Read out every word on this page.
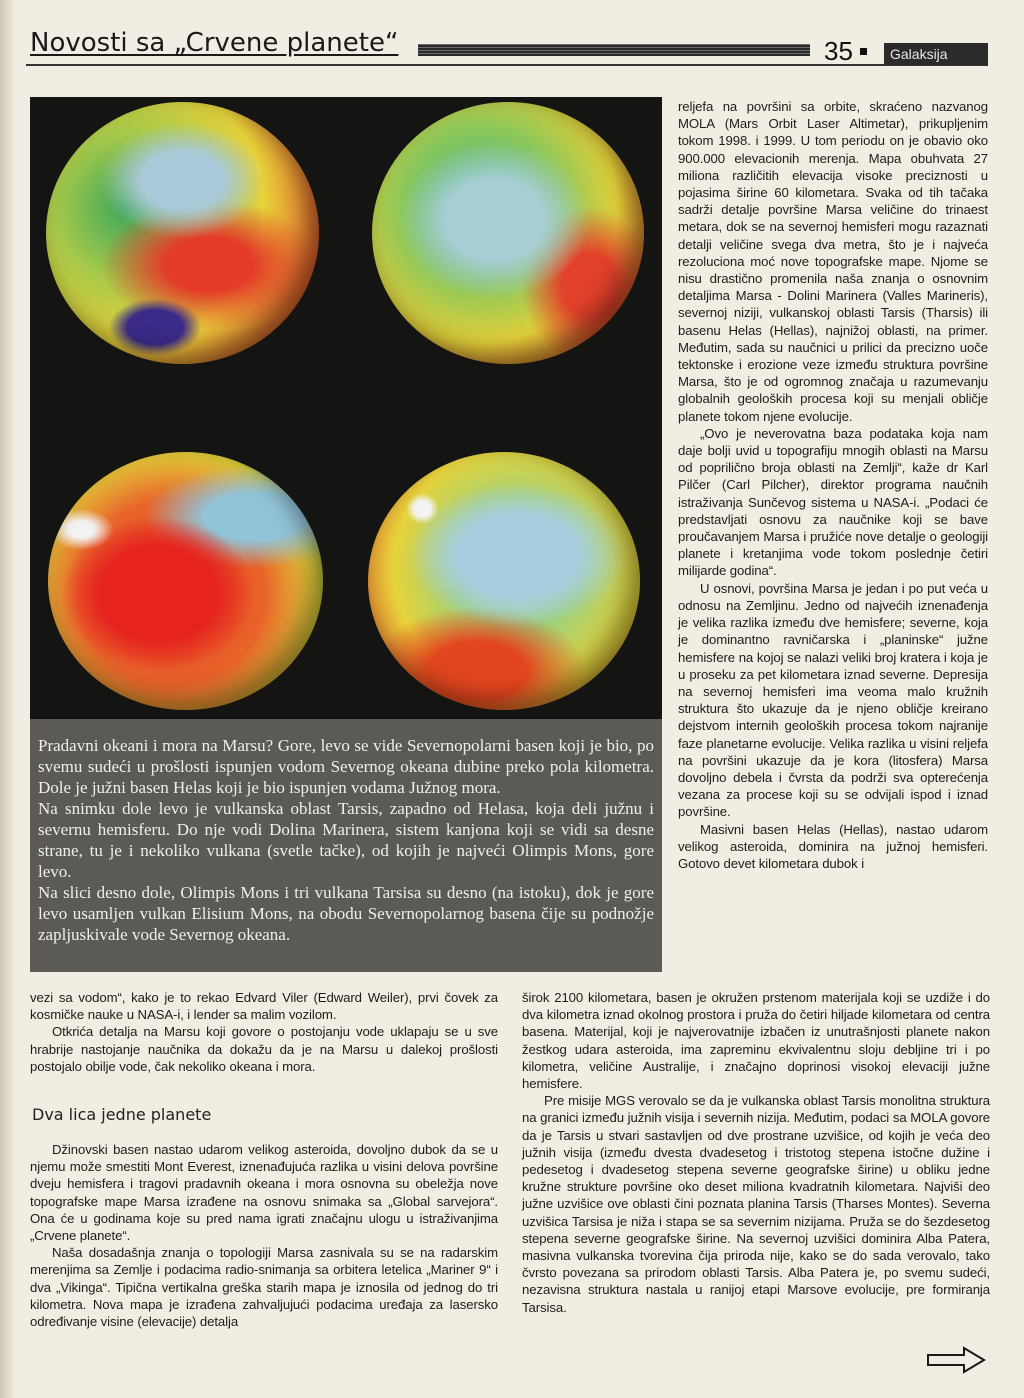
Novosti sa „Crvene planete“	35	Galaksija

Pradavni okeani i mora na Marsu? Gore, levo se vide Severnopolarni basen koji je bio, po svemu sudeći u prošlosti ispunjen vodom Severnog okeana dubine preko pola kilometra. Dole je južni basen Helas koji je bio ispunjen vodama Južnog mora.

Na snimku dole levo je vulkanska oblast Tarsis, zapadno od Helasa, koja deli južnu i severnu hemisferu. Do nje vodi Dolina Marinera, sistem kanjona koji se vidi sa desne strane, tu je i nekoliko vulkana (svetle tačke), od kojih je najveći Olimpis Mons, gore levo.

Na slici desno dole, Olimpis Mons i tri vulkana Tarsisa su desno (na istoku), dok je gore levo usamljen vulkan Elisium Mons, na obodu Severnopolarnog basena čije su podnožje zapljuskivale vode Severnog okeana.

reljefa na površini sa orbite, skraćeno nazvanog MOLA (Mars Orbit Laser Altimetar), prikupljenim tokom 1998. i 1999. U tom periodu on je obavio oko 900.000 elevacionih merenja. Mapa obuhvata 27 miliona različitih elevacija visoke preciznosti u pojasima širine 60 kilometara. Svaka od tih tačaka sadrži detalje površine Marsa veličine do trinaest metara, dok se na severnoj hemisferi mogu razaznati detalji veličine svega dva metra, što je i najveća rezoluciona moć nove topografske mape. Njome se nisu drastično promenila naša znanja o osnovnim detaljima Marsa - Dolini Marinera (Valles Marineris), severnoj niziji, vulkanskoj oblasti Tarsis (Tharsis) ili basenu Helas (Hellas), najnižoj oblasti, na primer. Međutim, sada su naučnici u prilici da precizno uoče tektonske i erozione veze između struktura površine Marsa, što je od ogromnog značaja u razumevanju globalnih geoloških procesa koji su menjali obličje planete tokom njene evolucije.

„Ovo je neverovatna baza podataka koja nam daje bolji uvid u topografiju mnogih oblasti na Marsu od poprilično broja oblasti na Zemlji“, kaže dr Karl Pilčer (Carl Pilcher), direktor programa naučnih istraživanja Sunčevog sistema u NASA-i. „Podaci će predstavljati osnovu za naučnike koji se bave proučavanjem Marsa i pružiće nove detalje o geologiji planete i kretanjima vode tokom poslednje četiri milijarde godina“.

U osnovi, površina Marsa je jedan i po put veća u odnosu na Zemljinu. Jedno od najvećih iznenađenja je velika razlika između dve hemisfere; severne, koja je dominantno ravničarska i „planinske“ južne hemisfere na kojoj se nalazi veliki broj kratera i koja je u proseku za pet kilometara iznad severne. Depresija na severnoj hemisferi ima veoma malo kružnih struktura što ukazuje da je njeno obličje kreirano dejstvom internih geoloških procesa tokom najranije faze planetarne evolucije. Velika razlika u visini reljefa na površini ukazuje da je kora (litosfera) Marsa dovoljno debela i čvrsta da podrži sva opterećenja vezana za procese koji su se odvijali ispod i iznad površine.

Masivni basen Helas (Hellas), nastao udarom velikog asteroida, dominira na južnoj hemisferi. Gotovo devet kilometara dubok i

vezi sa vodom“, kako je to rekao Edvard Viler (Edward Weiler), prvi čovek za kosmičke nauke u NASA-i, i lender sa malim vozilom.

Otkrića detalja na Marsu koji govore o postojanju vode uklapaju se u sve hrabrije nastojanje naučnika da dokažu da je na Marsu u dalekoj prošlosti postojalo obilje vode, čak nekoliko okeana i mora.

Dva lica jedne planete

Džinovski basen nastao udarom velikog asteroida, dovoljno dubok da se u njemu može smestiti Mont Everest, iznenađujuća razlika u visini delova površine dveju hemisfera i tragovi pradavnih okeana i mora osnovna su obeležja nove topografske mape Marsa izrađene na osnovu snimaka sa „Global sarvejora“. Ona će u godinama koje su pred nama igrati značajnu ulogu u istraživanjima „Crvene planete“.

Naša dosadašnja znanja o topologiji Marsa zasnivala su se na radarskim merenjima sa Zemlje i podacima radio-snimanja sa orbitera letelica „Mariner 9“ i dva „Vikinga“. Tipična vertikalna greška starih mapa je iznosila od jednog do tri kilometra. Nova mapa je izrađena zahvaljujući podacima uređaja za lasersko određivanje visine (elevacije) detalja

širok 2100 kilometara, basen je okružen prstenom materijala koji se uzdiže i do dva kilometra iznad okolnog prostora i pruža do četiri hiljade kilometara od centra basena. Materijal, koji je najverovatnije izbačen iz unutrašnjosti planete nakon žestkog udara asteroida, ima zapreminu ekvivalentnu sloju debljine tri i po kilometra, veličine Australije, i značajno doprinosi visokoj elevaciji južne hemisfere.

Pre misije MGS verovalo se da je vulkanska oblast Tarsis monolitna struktura na granici između južnih visija i severnih nizija. Međutim, podaci sa MOLA govore da je Tarsis u stvari sastavljen od dve prostrane uzvišice, od kojih je veća deo južnih visija (između dvesta dvadesetog i tristotog stepena istočne dužine i pedesetog i dvadesetog stepena severne geografske širine) u obliku jedne kružne strukture površine oko deset miliona kvadratnih kilometara. Najviši deo južne uzvišice ove oblasti čini poznata planina Tarsis (Tharses Montes). Severna uzvišica Tarsisa je niža i stapa se sa severnim nizijama. Pruža se do šezdesetog stepena severne geografske širine. Na severnoj uzvišici dominira Alba Patera, masivna vulkanska tvorevina čija priroda nije, kako se do sada verovalo, tako čvrsto povezana sa prirodom oblasti Tarsis. Alba Patera je, po svemu sudeći, nezavisna struktura nastala u ranijoj etapi Marsove evolucije, pre formiranja Tarsisa.
